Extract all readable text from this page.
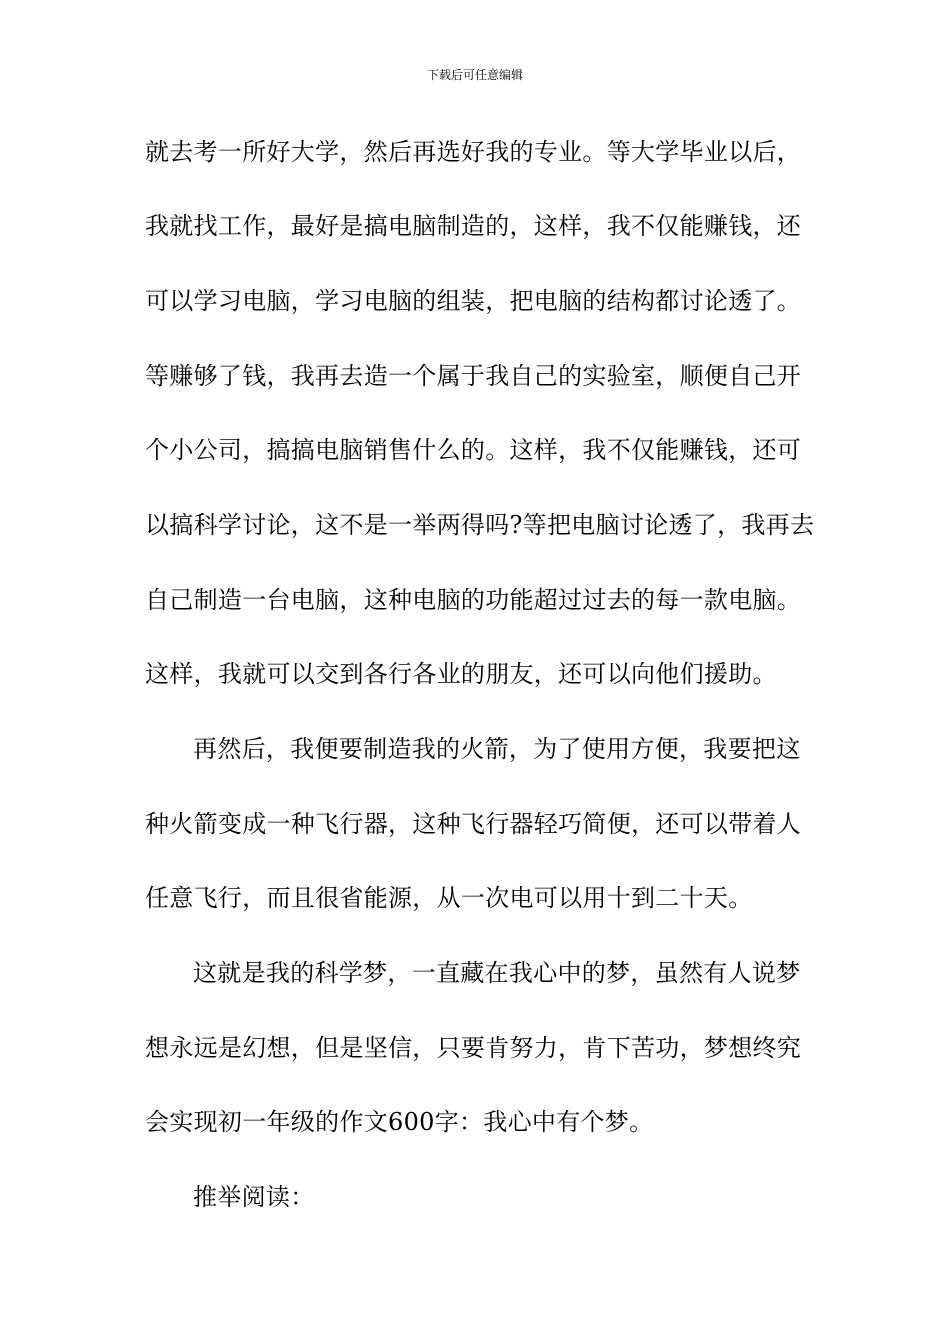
下载后可任意编辑
就去考一所好大学，然后再选好我的专业。等大学毕业以后，
我就找工作，最好是搞电脑制造的，这样，我不仅能赚钱，还
可以学习电脑，学习电脑的组装，把电脑的结构都讨论透了。
等赚够了钱，我再去造一个属于我自己的实验室，顺便自己开
个小公司，搞搞电脑销售什么的。这样，我不仅能赚钱，还可
以搞科学讨论，这不是一举两得吗?等把电脑讨论透了，我再去
自己制造一台电脑，这种电脑的功能超过过去的每一款电脑。
这样，我就可以交到各行各业的朋友，还可以向他们援助。
再然后，我便要制造我的火箭，为了使用方便，我要把这
种火箭变成一种飞行器，这种飞行器轻巧简便，还可以带着人
任意飞行，而且很省能源，从一次电可以用十到二十天。
这就是我的科学梦，一直藏在我心中的梦，虽然有人说梦
想永远是幻想，但是坚信，只要肯努力，肯下苦功，梦想终究
会实现初一年级的作文600字：我心中有个梦。
推举阅读：
